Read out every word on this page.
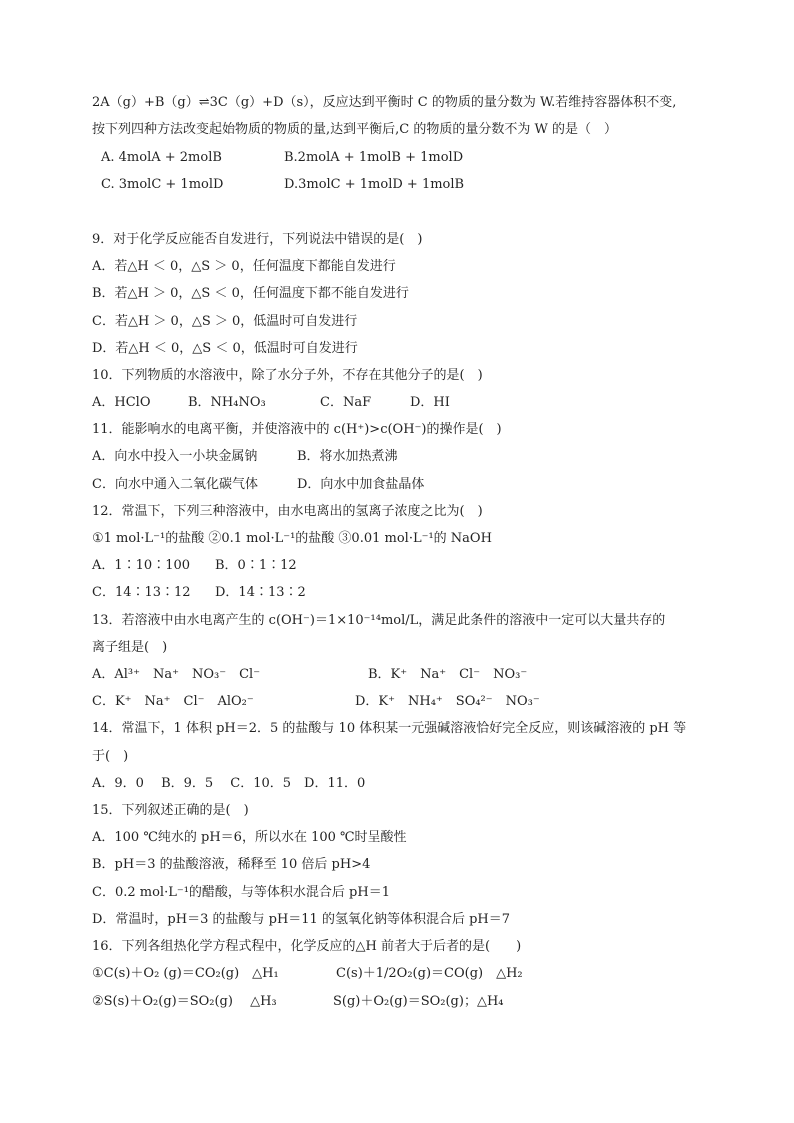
2A（g）+B（g）⇌3C（g）+D（s），反应达到平衡时 C 的物质的量分数为 W.若维持容器体积不变,
按下列四种方法改变起始物质的物质的量,达到平衡后,C 的物质的量分数不为 W 的是（　）
A. 4molA + 2molB	B.2molA + 1molB + 1molD
C. 3molC + 1molD	D.3molC + 1molD + 1molB
9．对于化学反应能否自发进行，下列说法中错误的是(　)
A．若△H ＜ 0，△S ＞ 0，任何温度下都能自发进行
B．若△H ＞ 0，△S ＜ 0，任何温度下都不能自发进行
C．若△H ＞ 0，△S ＞ 0，低温时可自发进行
D．若△H ＜ 0，△S ＜ 0，低温时可自发进行
10．下列物质的水溶液中，除了水分子外，不存在其他分子的是(　)
A．HClO	B．NH₄NO₃	C．NaF	D．HI
11．能影响水的电离平衡，并使溶液中的 c(H⁺)>c(OH⁻)的操作是(　)
A．向水中投入一小块金属钠	B．将水加热煮沸
C．向水中通入二氧化碳气体	D．向水中加食盐晶体
12．常温下，下列三种溶液中，由水电离出的氢离子浓度之比为(　)
①1 mol·L⁻¹的盐酸 ②0.1 mol·L⁻¹的盐酸 ③0.01 mol·L⁻¹的 NaOH
A．1∶10∶100 B．0∶1∶12
C．14∶13∶12 D．14∶13∶2
13．若溶液中由水电离产生的 c(OH⁻)＝1×10⁻¹⁴mol/L，满足此条件的溶液中一定可以大量共存的
离子组是(　)
A．Al³⁺　Na⁺　NO₃⁻　Cl⁻	B．K⁺　Na⁺　Cl⁻　NO₃⁻
C．K⁺　Na⁺　Cl⁻　AlO₂⁻	D．K⁺　NH₄⁺　SO₄²⁻　NO₃⁻
14．常温下，1 体积 pH＝2．5 的盐酸与 10 体积某一元强碱溶液恰好完全反应，则该碱溶液的 pH 等
于(　)
A．9．0　 B．9．5　 C．10．5　D．11．0
15．下列叙述正确的是(　)
A．100 ℃纯水的 pH＝6，所以水在 100 ℃时呈酸性
B．pH＝3 的盐酸溶液，稀释至 10 倍后 pH>4
C．0.2 mol·L⁻¹的醋酸，与等体积水混合后 pH＝1
D．常温时，pH＝3 的盐酸与 pH＝11 的氢氧化钠等体积混合后 pH＝7
16．下列各组热化学方程式程中，化学反应的△H 前者大于后者的是(　　)
①C(s)＋O₂ (g)＝CO₂(g)　△H₁	C(s)＋1/2O₂(g)＝CO(g)　△H₂
②S(s)＋O₂(g)＝SO₂(g)　 △H₃	S(g)＋O₂(g)＝SO₂(g)；△H₄
